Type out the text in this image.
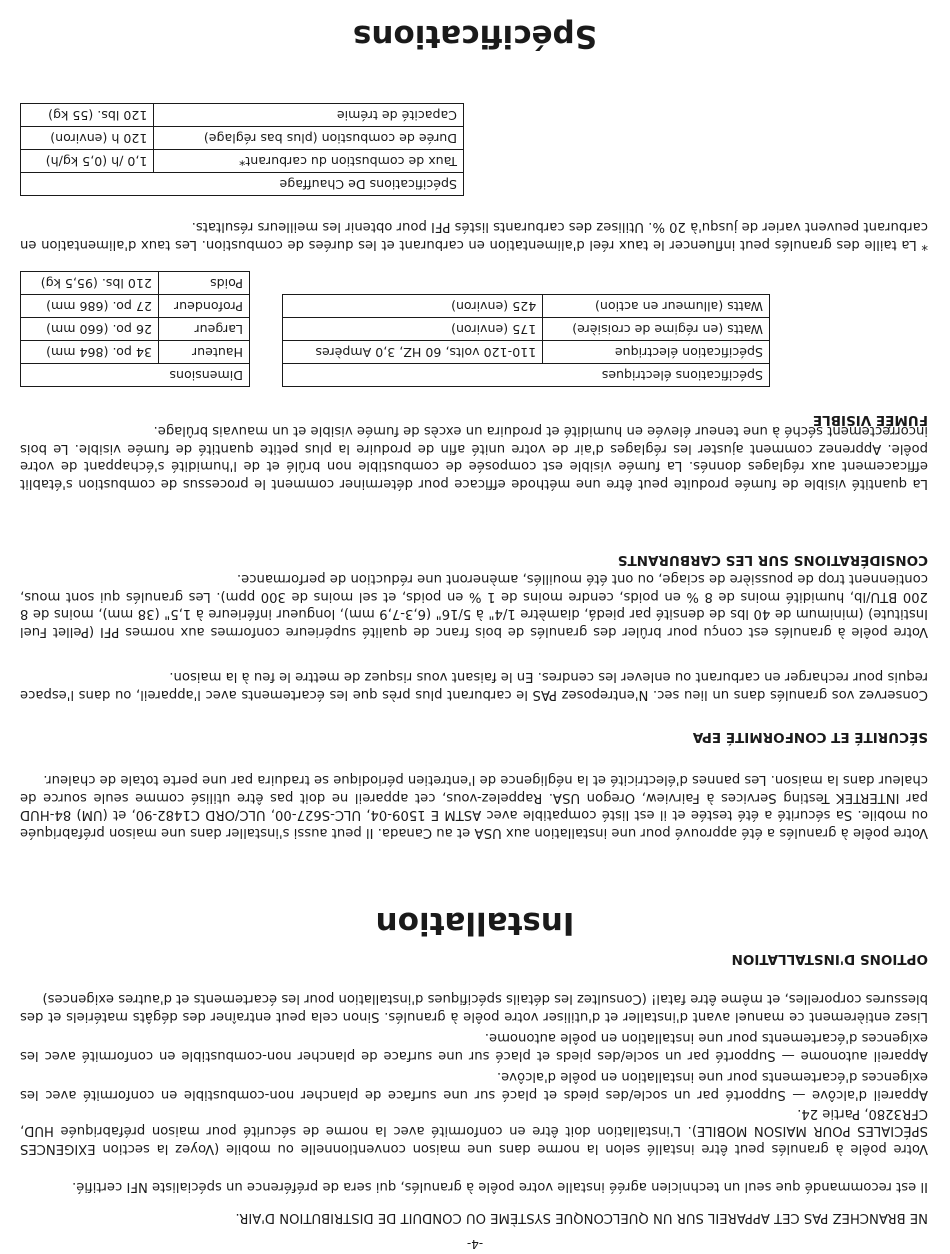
Spécifications
Spécifications De Chauffage	
Taux de combustion du carburant*	1,0 /h (0,5 kg/h)
Durée de combustion (plus bas réglage)	120 h (environ)
Capacité de trémie	120 lbs. (55 kg)

* La taille des granulés peut influencer le taux réel d'alimentation en carburant et les durées de combustion. Les taux d'alimentation en carburant peuvent varier de jusqu'à 20 %. Utilisez des carburants listés PFI pour obtenir les meilleurs résultats.

Dimensions	
Hauteur	34 po. (864 mm)
Largeur	26 po. (660 mm)
Profondeur	27 po. (686 mm)
Poids	210 lbs. (95,5 kg)
Spécifications électriques	
Spécification électrique	110-120 volts, 60 HZ, 3,0 Ampères
Watts (en régime de croisière)	175 (environ)
Watts (allumeur en action)	425 (environ)
FUMÉE VISIBLE

La quantité visible de fumée produite peut être une méthode efficace pour déterminer comment le processus de combustion s'établit efficacement aux réglages donnés. La fumée visible est composée de combustible non brûlé et de l'humidité s'échappant de votre poêle. Apprenez comment ajuster les réglages d'air de votre unité afin de produire la plus petite quantité de fumée visible. Le bois incorrectement séché à une teneur élevée en humidité et produira un excès de fumée visible et un mauvais brûlage.

CONSIDÉRATIONS SUR LES CARBURANTS

Votre poêle à granulés est conçu pour brûler des granulés de bois franc de qualité supérieure conformes aux normes PFI (Pellet Fuel Institute) (minimum de 40 lbs de densité par piedá, diamètre 1/4" à 5/16" (6,3-7,9 mm), longueur inférieure à 1,5" (38 mm), moins de 8 200 BTU/lb, humidité moins de 8 % en poids, cendre moins de 1 % en poids, et sel moins de 300 ppm). Les granulés qui sont mous, contiennent trop de poussière de sciage, ou ont été mouillés, amèneront une réduction de performance.

Conservez vos granulés dans un lieu sec. N'entreposez PAS le carburant plus près que les écartements avec l'appareil, ou dans l'espace requis pour recharger en carburant ou enlever les cendres. En le faisant vous risquez de mettre le feu à la maison.

SÉCURITÉ ET CONFORMITÉ EPA

Votre poêle à granulés a été approuvé pour une installation aux USA et au Canada. Il peut aussi s'installer dans une maison préfabriquée ou mobile. Sa sécurité a été testée et il est listé compatible avec ASTM E 1509-04, ULC-S627-00, ULC/ORD C1482-90, et (UM) 84-HUD par INTERTEK Testing Services à Fairview, Oregon USA. Rappelez-vous, cet appareil ne doit pas être utilisé comme seule source de chaleur dans la maison. Les pannes d'électricité et la négligence de l'entretien périodique se traduira par une perte totale de chaleur.

Installation
OPTIONS D'INSTALLATION

Lisez entièrement ce manuel avant d'installer et d'utiliser votre poêle à granulés. Sinon cela peut entraîner des dégâts matériels et des blessures corporelles, et même être fatal! (Consultez les détails spécifiques d'installation pour les écartements et d'autres exigences)

Appareil autonome — Supporté par un socle/des pieds et placé sur une surface de plancher non-combustible en conformité avec les exigences d'écartements pour une installation en poêle autonome.

Appareil d'alcôve — Supporté par un socle/des pieds et placé sur une surface de plancher non-combustible en conformité avec les exigences d'écartements pour une installation en poêle d'alcôve.

Votre poêle à granulés peut être installé selon la norme dans une maison conventionnelle ou mobile (Voyez la section EXIGENCES SPÉCIALES POUR MAISON MOBILE). L'installation doit être en conformité avec la norme de sécurité pour maison préfabriquée HUD, CFR3280, Partie 24.

Il est recommandé que seul un technicien agréé installe votre poêle à granulés, qui sera de préférence un spécialiste NFI certifié.

NE BRANCHEZ PAS CET APPAREIL SUR UN QUELCONQUE SYSTÈME OU CONDUIT DE DISTRIBUTION D'AIR.

-4-
